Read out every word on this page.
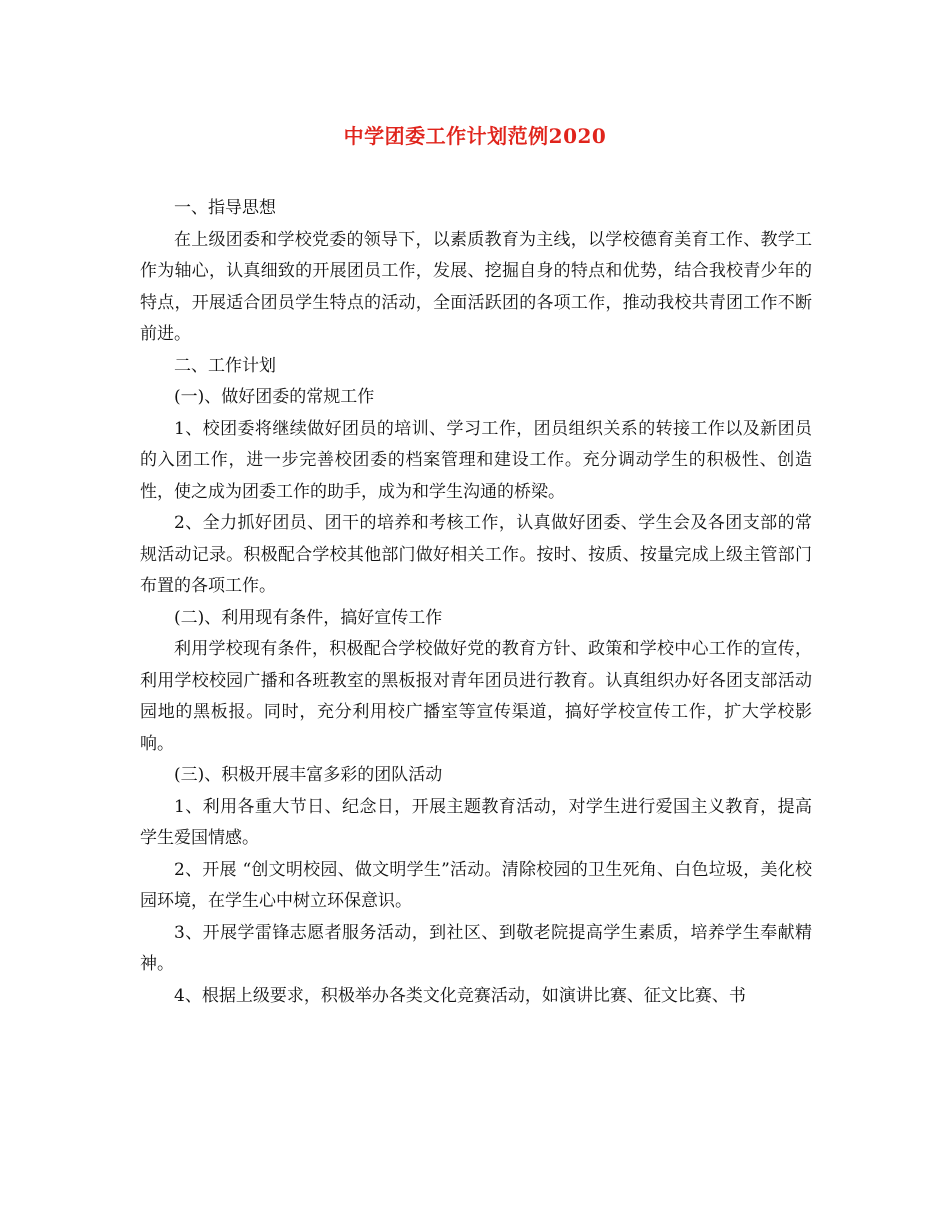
中学团委工作计划范例2020

一、指导思想

在上级团委和学校党委的领导下，以素质教育为主线，以学校德育美育工作、教学工作为轴心，认真细致的开展团员工作，发展、挖掘自身的特点和优势，结合我校青少年的特点，开展适合团员学生特点的活动，全面活跃团的各项工作，推动我校共青团工作不断前进。

二、工作计划

(一)、做好团委的常规工作

1、校团委将继续做好团员的培训、学习工作，团员组织关系的转接工作以及新团员的入团工作，进一步完善校团委的档案管理和建设工作。充分调动学生的积极性、创造性，使之成为团委工作的助手，成为和学生沟通的桥梁。

2、全力抓好团员、团干的培养和考核工作，认真做好团委、学生会及各团支部的常规活动记录。积极配合学校其他部门做好相关工作。按时、按质、按量完成上级主管部门布置的各项工作。

(二)、利用现有条件，搞好宣传工作

利用学校现有条件，积极配合学校做好党的教育方针、政策和学校中心工作的宣传，利用学校校园广播和各班教室的黑板报对青年团员进行教育。认真组织办好各团支部活动园地的黑板报。同时，充分利用校广播室等宣传渠道，搞好学校宣传工作，扩大学校影响。

(三)、积极开展丰富多彩的团队活动

1、利用各重大节日、纪念日，开展主题教育活动，对学生进行爱国主义教育，提高学生爱国情感。

2、开展 “创文明校园、做文明学生”活动。清除校园的卫生死角、白色垃圾，美化校园环境，在学生心中树立环保意识。

3、开展学雷锋志愿者服务活动，到社区、到敬老院提高学生素质，培养学生奉献精神。

4、根据上级要求，积极举办各类文化竞赛活动，如演讲比赛、征文比赛、书
